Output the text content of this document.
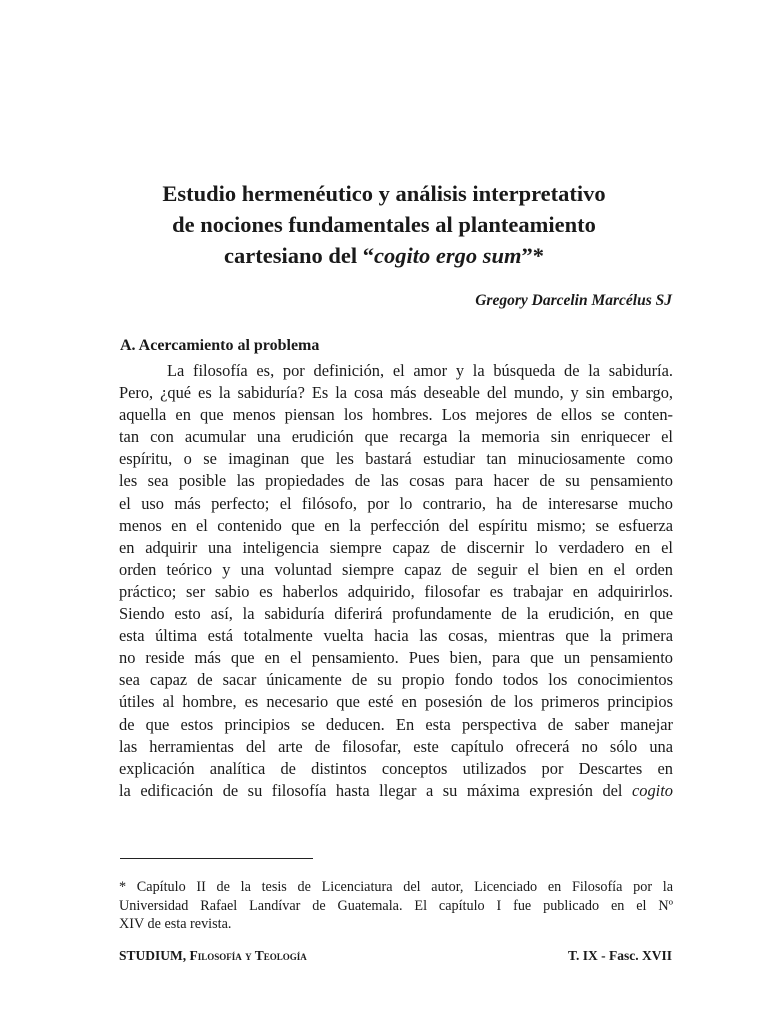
Estudio hermenéutico y análisis interpretativo
de nociones fundamentales al planteamiento
cartesiano del “cogito ergo sum”*
Gregory Darcelin Marcélus SJ
A. Acercamiento al problema
La filosofía es, por definición, el amor y la búsqueda de la sabiduría.
Pero, ¿qué es la sabiduría? Es la cosa más deseable del mundo, y sin embargo,
aquella en que menos piensan los hombres. Los mejores de ellos se conten-
tan con acumular una erudición que recarga la memoria sin enriquecer el
espíritu, o se imaginan que les bastará estudiar tan minuciosamente como
les sea posible las propiedades de las cosas para hacer de su pensamiento
el uso más perfecto; el filósofo, por lo contrario, ha de interesarse mucho
menos en el contenido que en la perfección del espíritu mismo; se esfuerza
en adquirir una inteligencia siempre capaz de discernir lo verdadero en el
orden teórico y una voluntad siempre capaz de seguir el bien en el orden
práctico; ser sabio es haberlos adquirido, filosofar es trabajar en adquirirlos.
Siendo esto así, la sabiduría diferirá profundamente de la erudición, en que
esta última está totalmente vuelta hacia las cosas, mientras que la primera
no reside más que en el pensamiento. Pues bien, para que un pensamiento
sea capaz de sacar únicamente de su propio fondo todos los conocimientos
útiles al hombre, es necesario que esté en posesión de los primeros principios
de que estos principios se deducen. En esta perspectiva de saber manejar
las herramientas del arte de filosofar, este capítulo ofrecerá no sólo una
explicación analítica de distintos conceptos utilizados por Descartes en
la edificación de su filosofía hasta llegar a su máxima expresión del cogito
* Capítulo II de la tesis de Licenciatura del autor, Licenciado en Filosofía por la
Universidad Rafael Landívar de Guatemala. El capítulo I fue publicado en el Nº
XIV de esta revista.
STUDIUM, Filosofía y Teología	T. IX - Fasc. XVII
